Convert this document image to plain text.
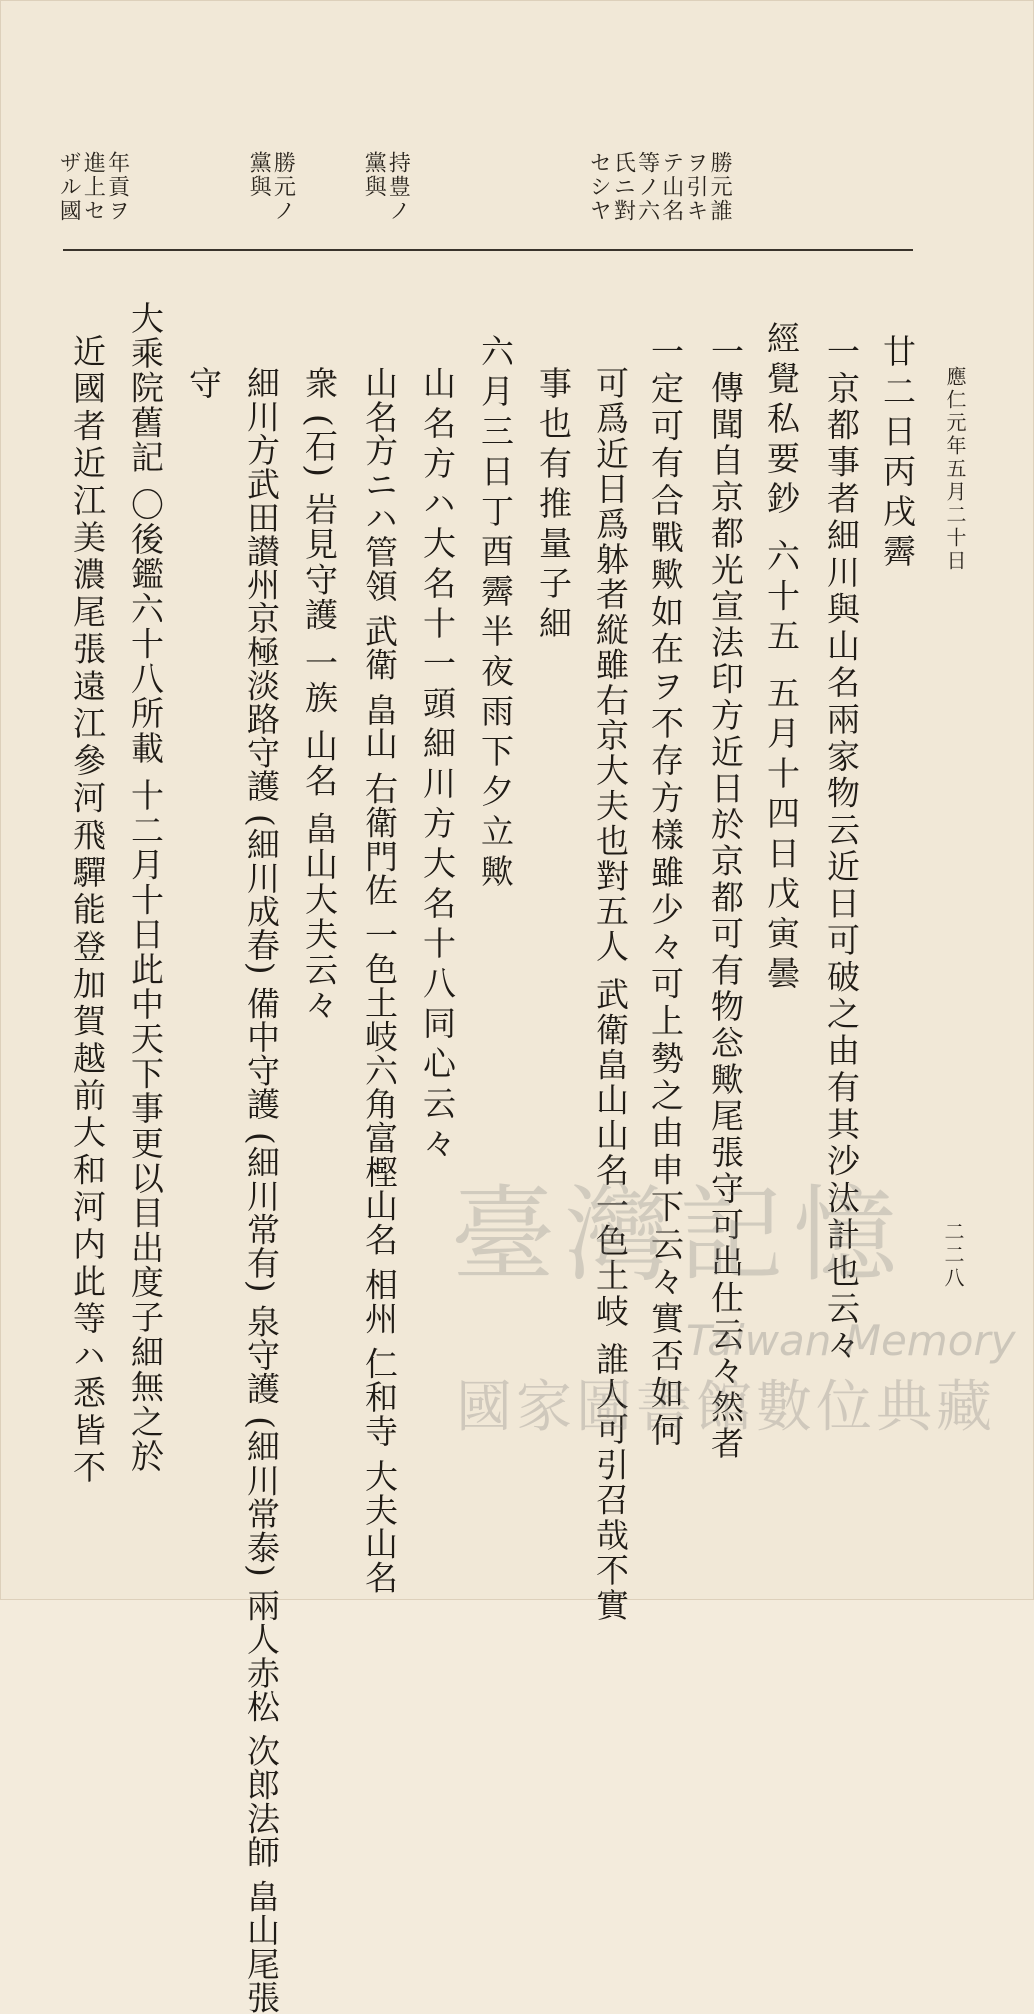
應仁元年五月二十日
二二八
勝元誰ヲ引キテ山名等ノ六氏ニ對セシヤ
持豊ノ黨與
勝元ノ黨與
年貢ヲ進上セザル國
廿二日丙戌霽
一京都事者細川與山名兩家物云近日可破之由有其沙汰計也云々
經覺私要鈔 六十五 五月十四日戊寅曇
一傳聞自京都光宣法印方近日於京都可有物忩歟尾張守可出仕云々然者
一定可有合戰歟如在ヲ不存方樣雖少々可上勢之由申下云々實否如何
可爲近日爲躰者縦雖右京大夫也對五人 武衛畠山山名一色土岐 誰人可引召哉不實
事也有推量子細
六月三日丁酉霽半夜雨下夕立歟
山名方ハ大名十一頭細川方大名十八同心云々
山名方ニハ管領 武衛 畠山 右衛門佐 一色土岐六角富樫山名 相州 仁和寺 大夫山名
衆 (石) 岩見守護 一族 山名 畠山大夫云々
細川方武田讃州京極淡路守護 (細川成春) 備中守護 (細川常有) 泉守護 (細川常泰) 兩人赤松 次郎法師 畠山尾張
守
大乘院舊記 〇後鑑六十八所載 十二月十日此中天下事更以目出度子細無之於
近國者近江美濃尾張遠江參河飛驒能登加賀越前大和河内此等ハ悉皆不	臺灣記憶
Taiwan Memory
國家圖書館數位典藏
